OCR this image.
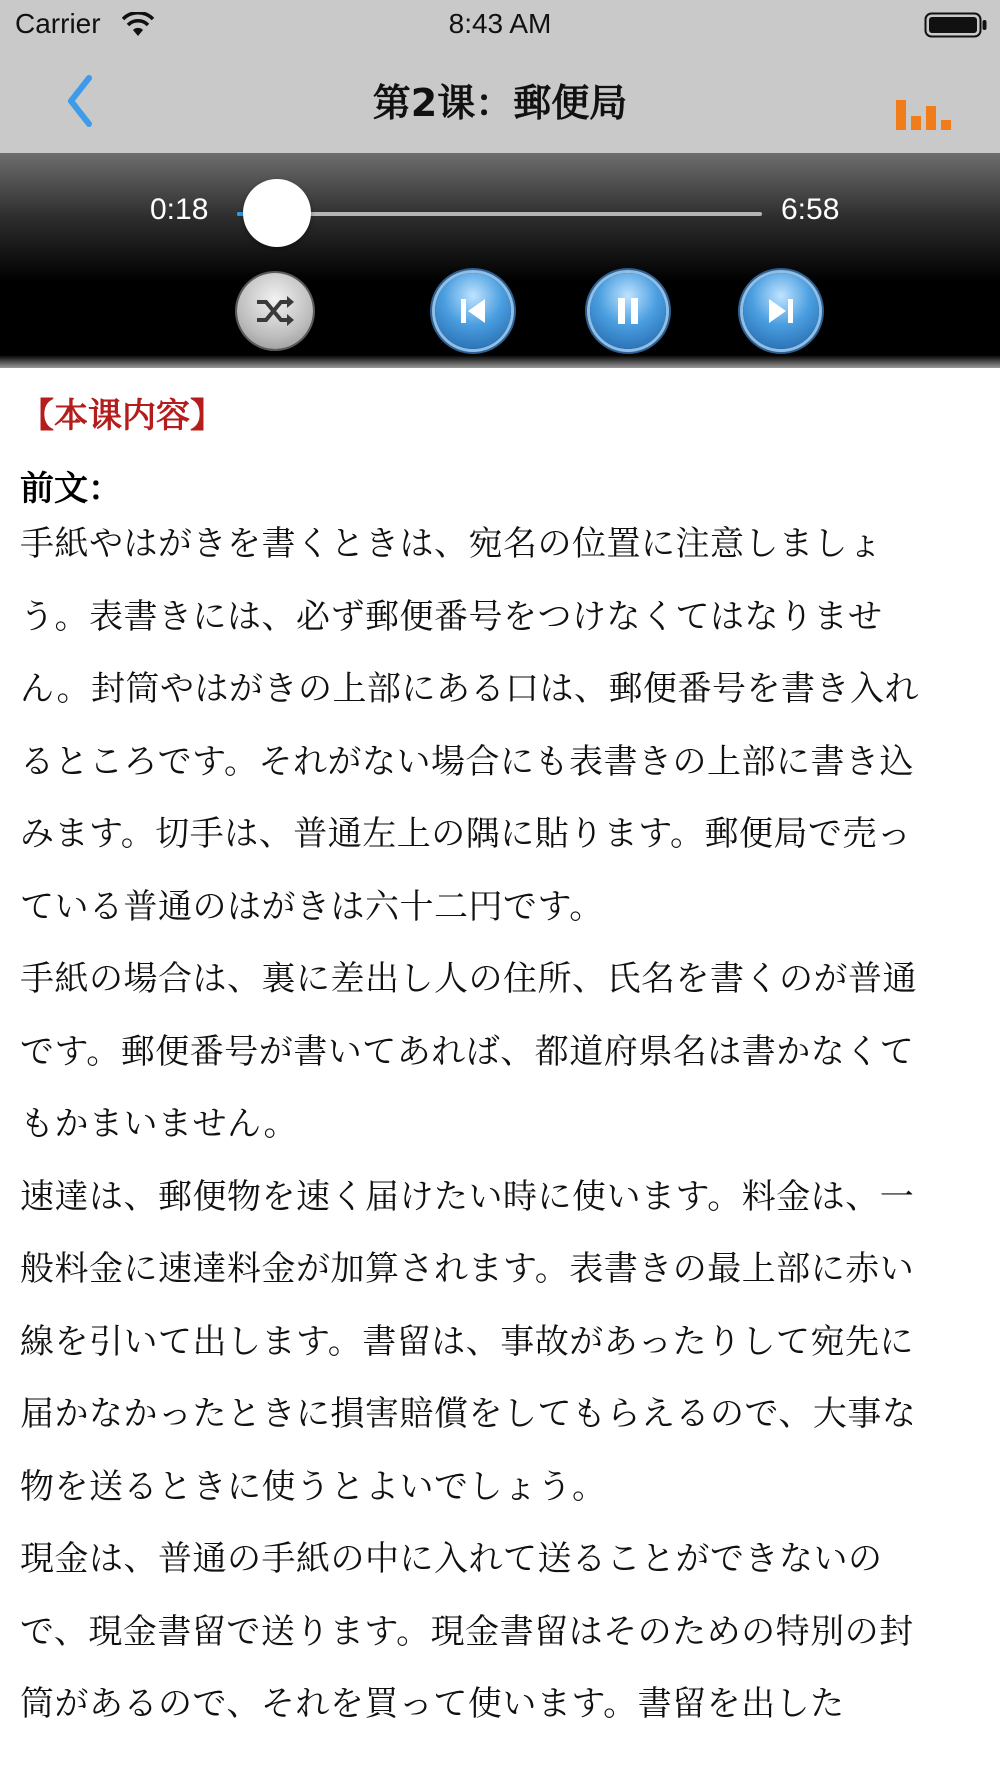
Carrier	8:43 AM
第2课：郵便局
0:18	6:58
【本课内容】
前文：

手紙やはがきを書くときは、宛名の位置に注意しましょう。表書きには、必ず郵便番号をつけなくてはなりません。封筒やはがきの上部にある口は、郵便番号を書き入れるところです。それがない場合にも表書きの上部に書き込みます。切手は、普通左上の隅に貼ります。郵便局で売っている普通のはがきは六十二円です。

手紙の場合は、裏に差出し人の住所、氏名を書くのが普通です。郵便番号が書いてあれば、都道府県名は書かなくてもかまいません。

速達は、郵便物を速く届けたい時に使います。料金は、一般料金に速達料金が加算されます。表書きの最上部に赤い線を引いて出します。書留は、事故があったりして宛先に届かなかったときに損害賠償をしてもらえるので、大事な物を送るときに使うとよいでしょう。

現金は、普通の手紙の中に入れて送ることができないので、現金書留で送ります。現金書留はそのための特別の封筒があるので、それを買って使います。書留を出した
